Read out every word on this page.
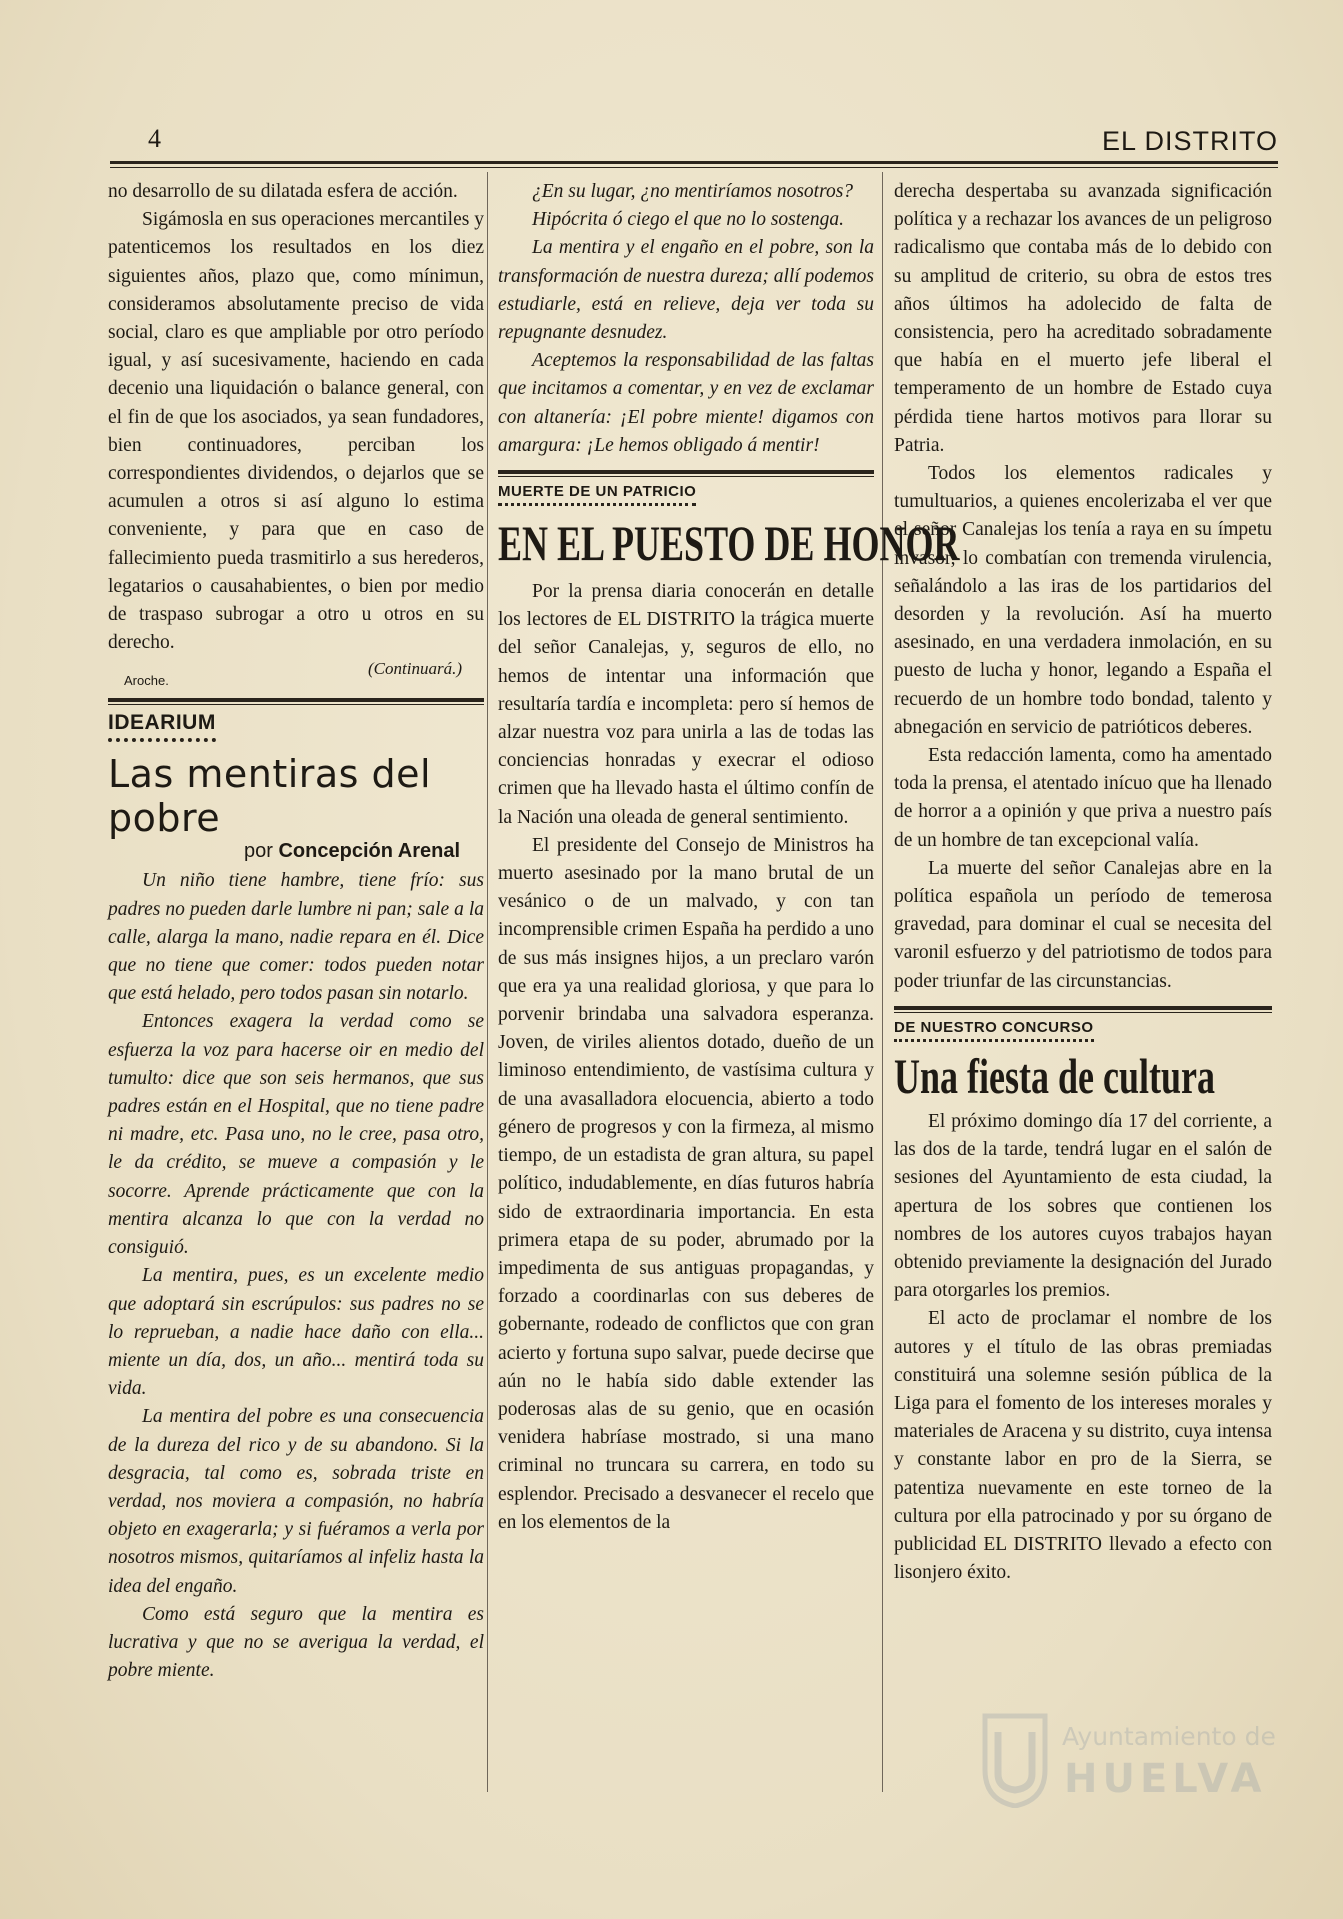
4	EL DISTRITO

no desarrollo de su dilatada esfera de acción.

Sigámosla en sus operaciones mercantiles y patenticemos los resultados en los diez siguientes años, plazo que, como mínimun, consideramos absolutamente preciso de vida social, claro es que ampliable por otro período igual, y así sucesivamente, haciendo en cada decenio una liquidación o balance general, con el fin de que los asociados, ya sean fundadores, bien continuadores, perciban los correspondientes dividendos, o dejarlos que se acumulen a otros si así alguno lo estima conveniente, y para que en caso de fallecimiento pueda trasmitirlo a sus herederos, legatarios o causahabientes, o bien por medio de traspaso subrogar a otro u otros en su derecho.

(Continuará.)
Aroche.
IDEARIUM
Las mentiras del pobre
por Concepción Arenal

Un niño tiene hambre, tiene frío: sus padres no pueden darle lumbre ni pan; sale a la calle, alarga la mano, nadie repara en él. Dice que no tiene que comer: todos pueden notar que está helado, pero todos pasan sin notarlo.

Entonces exagera la verdad como se esfuerza la voz para hacerse oir en medio del tumulto: dice que son seis hermanos, que sus padres están en el Hospital, que no tiene padre ni madre, etc. Pasa uno, no le cree, pasa otro, le da crédito, se mueve a compasión y le socorre. Aprende prácticamente que con la mentira alcanza lo que con la verdad no consiguió.

La mentira, pues, es un excelente medio que adoptará sin escrúpulos: sus padres no se lo reprueban, a nadie hace daño con ella... miente un día, dos, un año... mentirá toda su vida.

La mentira del pobre es una consecuencia de la dureza del rico y de su abandono. Si la desgracia, tal como es, sobrada triste en verdad, nos moviera a compasión, no habría objeto en exagerarla; y si fuéramos a verla por nosotros mismos, quitaríamos al infeliz hasta la idea del engaño.

Como está seguro que la mentira es lucrativa y que no se averigua la verdad, el pobre miente.

¿En su lugar, ¿no mentiríamos nosotros?

Hipócrita ó ciego el que no lo sostenga.

La mentira y el engaño en el pobre, son la transformación de nuestra dureza; allí podemos estudiarle, está en relieve, deja ver toda su repugnante desnudez.

Aceptemos la responsabilidad de las faltas que incitamos a comentar, y en vez de exclamar con altanería: ¡El pobre miente! digamos con amargura: ¡Le hemos obligado á mentir!

MUERTE DE UN PATRICIO
EN EL PUESTO DE HONOR

Por la prensa diaria conocerán en detalle los lectores de EL DISTRITO la trágica muerte del señor Canalejas, y, seguros de ello, no hemos de intentar una información que resultaría tardía e incompleta: pero sí hemos de alzar nuestra voz para unirla a las de todas las conciencias honradas y execrar el odioso crimen que ha llevado hasta el último confín de la Nación una oleada de general sentimiento.

El presidente del Consejo de Ministros ha muerto asesinado por la mano brutal de un vesánico o de un malvado, y con tan incomprensible crimen España ha perdido a uno de sus más insignes hijos, a un preclaro varón que era ya una realidad gloriosa, y que para lo porvenir brindaba una salvadora esperanza. Joven, de viriles alientos dotado, dueño de un liminoso entendimiento, de vastísima cultura y de una avasalladora elocuencia, abierto a todo género de progresos y con la firmeza, al mismo tiempo, de un estadista de gran altura, su papel político, indudablemente, en días futuros habría sido de extraordinaria importancia. En esta primera etapa de su poder, abrumado por la impedimenta de sus antiguas propagandas, y forzado a coordinarlas con sus deberes de gobernante, rodeado de conflictos que con gran acierto y fortuna supo salvar, puede decirse que aún no le había sido dable extender las poderosas alas de su genio, que en ocasión venidera habríase mostrado, si una mano criminal no truncara su carrera, en todo su esplendor. Precisado a desvanecer el recelo que en los elementos de la

derecha despertaba su avanzada significación política y a rechazar los avances de un peligroso radicalismo que contaba más de lo debido con su amplitud de criterio, su obra de estos tres años últimos ha adolecido de falta de consistencia, pero ha acreditado sobradamente que había en el muerto jefe liberal el temperamento de un hombre de Estado cuya pérdida tiene hartos motivos para llorar su Patria.

Todos los elementos radicales y tumultuarios, a quienes encolerizaba el ver que el señor Canalejas los tenía a raya en su ímpetu invasor, lo combatían con tremenda virulencia, señalándolo a las iras de los partidarios del desorden y la revolución. Así ha muerto asesinado, en una verdadera inmolación, en su puesto de lucha y honor, legando a España el recuerdo de un hombre todo bondad, talento y abnegación en servicio de patrióticos deberes.

Esta redacción lamenta, como ha amentado toda la prensa, el atentado inícuo que ha llenado de horror a a opinión y que priva a nuestro país de un hombre de tan excepcional valía.

La muerte del señor Canalejas abre en la política española un período de temerosa gravedad, para dominar el cual se necesita del varonil esfuerzo y del patriotismo de todos para poder triunfar de las circunstancias.

DE NUESTRO CONCURSO
Una fiesta de cultura

El próximo domingo día 17 del corriente, a las dos de la tarde, tendrá lugar en el salón de sesiones del Ayuntamiento de esta ciudad, la apertura de los sobres que contienen los nombres de los autores cuyos trabajos hayan obtenido previamente la designación del Jurado para otorgarles los premios.

El acto de proclamar el nombre de los autores y el título de las obras premiadas constituirá una solemne sesión pública de la Liga para el fomento de los intereses morales y materiales de Aracena y su distrito, cuya intensa y constante labor en pro de la Sierra, se patentiza nuevamente en este torneo de la cultura por ella patrocinado y por su órgano de publicidad EL DISTRITO llevado a efecto con lisonjero éxito.

Ayuntamiento de
HUELVA
